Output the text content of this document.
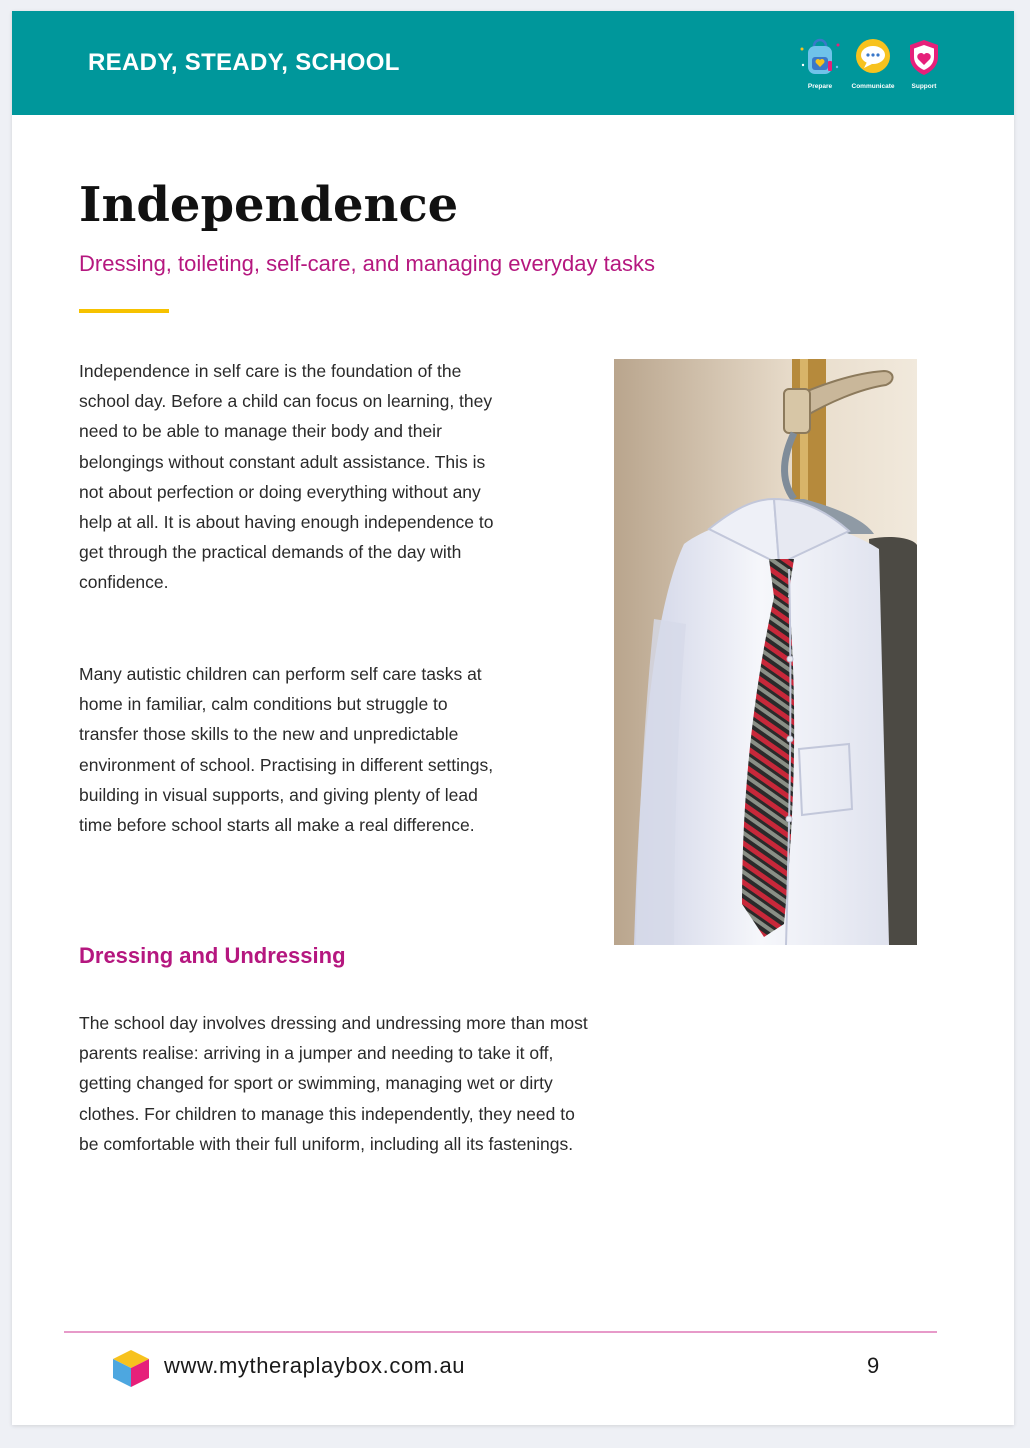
READY, STEADY, SCHOOL
Prepare	Communicate	Support
Independence
Dressing, toileting, self-care, and managing everyday tasks

Independence in self care is the foundation of the school day. Before a child can focus on learning, they need to be able to manage their body and their belongings without constant adult assistance. This is not about perfection or doing everything without any help at all. It is about having enough independence to get through the practical demands of the day with confidence.

Many autistic children can perform self care tasks at home in familiar, calm conditions but struggle to transfer those skills to the new and unpredictable environment of school. Practising in different settings, building in visual supports, and giving plenty of lead time before school starts all make a real difference.

Dressing and Undressing

The school day involves dressing and undressing more than most parents realise: arriving in a jumper and needing to take it off, getting changed for sport or swimming, managing wet or dirty clothes. For children to manage this independently, they need to be comfortable with their full uniform, including all its fastenings.

www.mytheraplaybox.com.au	9
